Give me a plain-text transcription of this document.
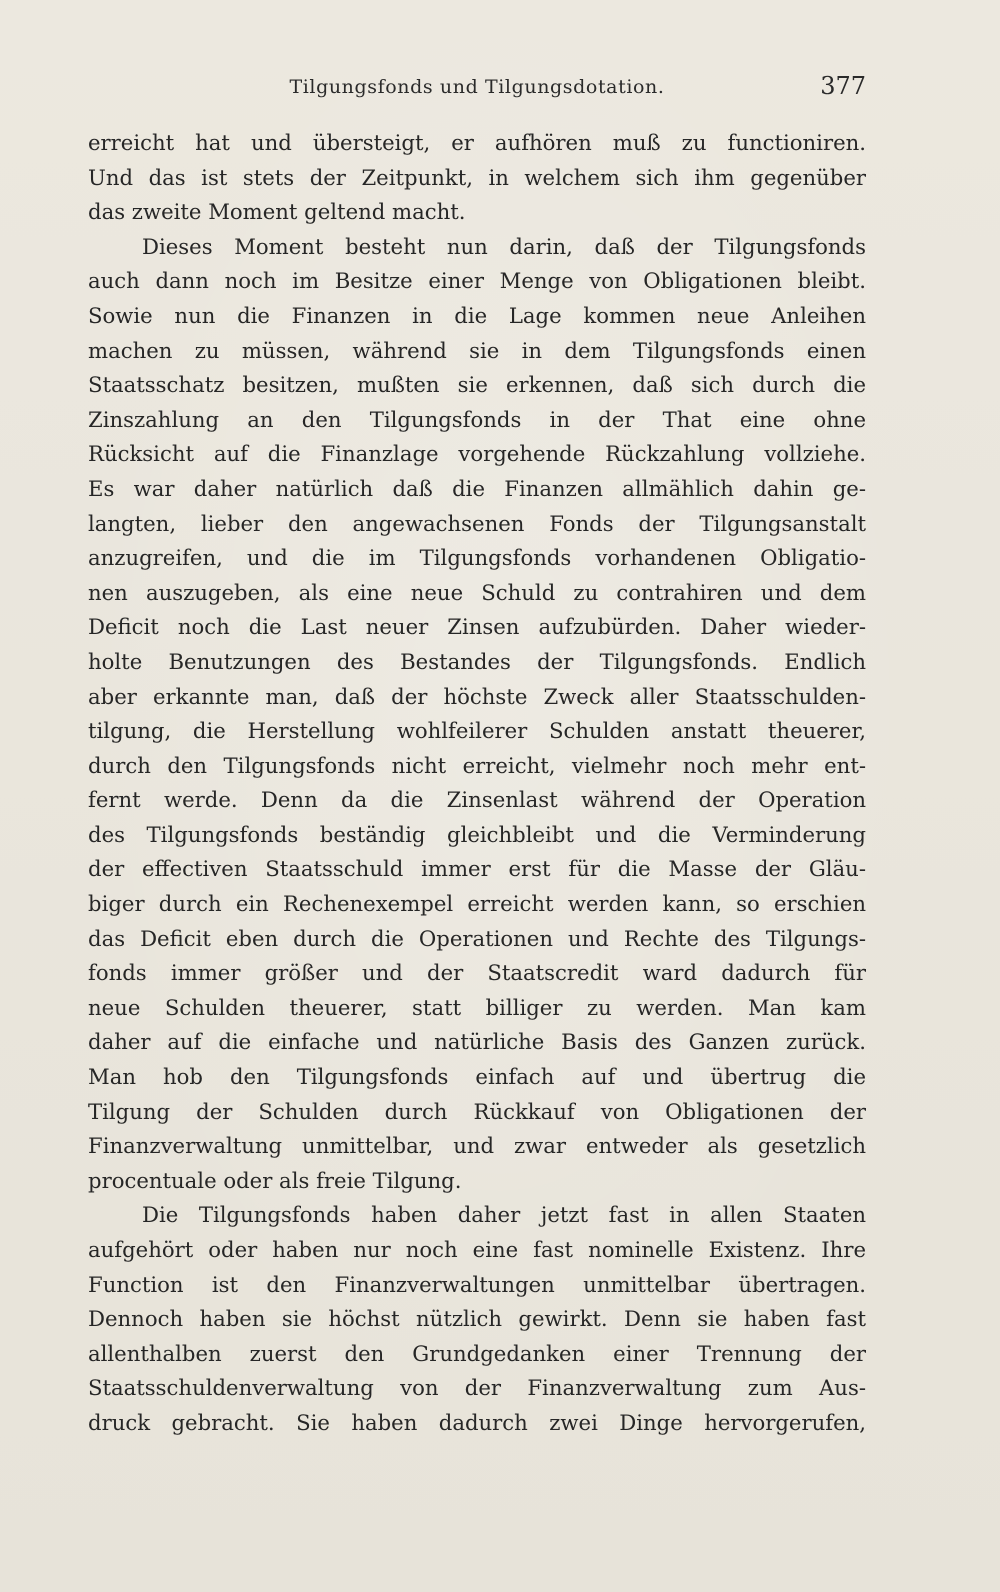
Tilgungsfonds und Tilgungsdotation.	377
erreicht hat und übersteigt, er aufhören muß zu functioniren.
Und das ist stets der Zeitpunkt, in welchem sich ihm gegenüber
das zweite Moment geltend macht.
Dieses Moment besteht nun darin, daß der Tilgungsfonds
auch dann noch im Besitze einer Menge von Obligationen bleibt.
Sowie nun die Finanzen in die Lage kommen neue Anleihen
machen zu müssen, während sie in dem Tilgungsfonds einen
Staatsschatz besitzen, mußten sie erkennen, daß sich durch die
Zinszahlung an den Tilgungsfonds in der That eine ohne
Rücksicht auf die Finanzlage vorgehende Rückzahlung vollziehe.
Es war daher natürlich daß die Finanzen allmählich dahin ge-
langten, lieber den angewachsenen Fonds der Tilgungsanstalt
anzugreifen, und die im Tilgungsfonds vorhandenen Obligatio-
nen auszugeben, als eine neue Schuld zu contrahiren und dem
Deficit noch die Last neuer Zinsen aufzubürden. Daher wieder-
holte Benutzungen des Bestandes der Tilgungsfonds. Endlich
aber erkannte man, daß der höchste Zweck aller Staatsschulden-
tilgung, die Herstellung wohlfeilerer Schulden anstatt theuerer,
durch den Tilgungsfonds nicht erreicht, vielmehr noch mehr ent-
fernt werde. Denn da die Zinsenlast während der Operation
des Tilgungsfonds beständig gleichbleibt und die Verminderung
der effectiven Staatsschuld immer erst für die Masse der Gläu-
biger durch ein Rechenexempel erreicht werden kann, so erschien
das Deficit eben durch die Operationen und Rechte des Tilgungs-
fonds immer größer und der Staatscredit ward dadurch für
neue Schulden theuerer, statt billiger zu werden. Man kam
daher auf die einfache und natürliche Basis des Ganzen zurück.
Man hob den Tilgungsfonds einfach auf und übertrug die
Tilgung der Schulden durch Rückkauf von Obligationen der
Finanzverwaltung unmittelbar, und zwar entweder als gesetzlich
procentuale oder als freie Tilgung.
Die Tilgungsfonds haben daher jetzt fast in allen Staaten
aufgehört oder haben nur noch eine fast nominelle Existenz. Ihre
Function ist den Finanzverwaltungen unmittelbar übertragen.
Dennoch haben sie höchst nützlich gewirkt. Denn sie haben fast
allenthalben zuerst den Grundgedanken einer Trennung der
Staatsschuldenverwaltung von der Finanzverwaltung zum Aus-
druck gebracht. Sie haben dadurch zwei Dinge hervorgerufen,
